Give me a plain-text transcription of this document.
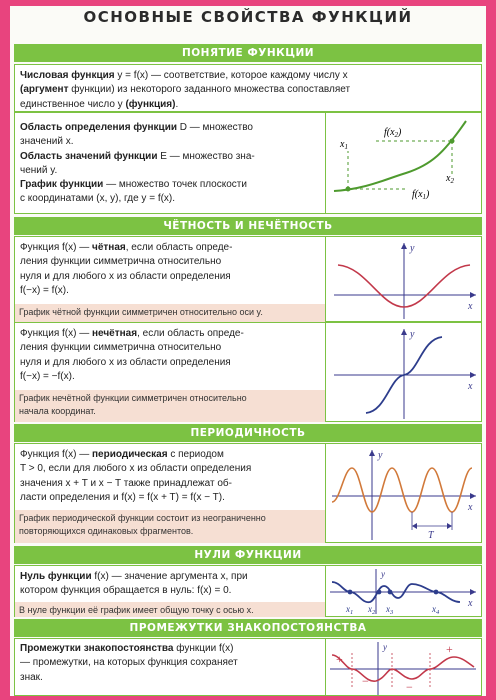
ОСНОВНЫЕ СВОЙСТВА ФУНКЦИЙ
ПОНЯТИЕ ФУНКЦИИ
Числовая функция y = f(x) — соответствие, которое каждому числу x
(аргумент функции) из некоторого заданного множества сопоставляет
единственное число y (функция).
Область определения функции D — множество
значений x.
Область значений функции E — множество зна-
чений y.
График функции — множество точек плоскости
с координатами (x, y), где y = f(x).
$f(x_2)$
$f(x_1)$
$x_1$
$x_2$
ЧЁТНОСТЬ И НЕЧЁТНОСТЬ
Функция f(x) — чётная, если область опреде-
ления функции симметрична относительно
нуля и для любого x из области определения
f(−x) = f(x).
График чётной функции симметричен относительно оси y.
y
x
Функция f(x) — нечётная, если область опреде-
ления функции симметрична относительно
нуля и для любого x из области определения
f(−x) = −f(x).
График нечётной функции симметричен относительно
начала координат.
y
x
ПЕРИОДИЧНОСТЬ
Функция f(x) — периодическая с периодом
T > 0, если для любого x из области определения
значения x + T и x − T также принадлежат об-
ласти определения и f(x) = f(x + T) = f(x − T).
График периодической функции состоит из неограниченно
повторяющихся одинаковых фрагментов.	T
y
x
НУЛИ ФУНКЦИИ
Нуль функции f(x) — значение аргумента x, при
котором функция обращается в нуль: f(x) = 0.
В нуле функции её график имеет общую точку с осью x.
y
x
$x_1$ $x_2$ $x_3$	$x_4$
ПРОМЕЖУТКИ ЗНАКОПОСТОЯНСТВА
Промежутки знакопостоянства функции f(x)
— промежутки, на которых функция сохраняет
знак.
y
+
−	−
+
